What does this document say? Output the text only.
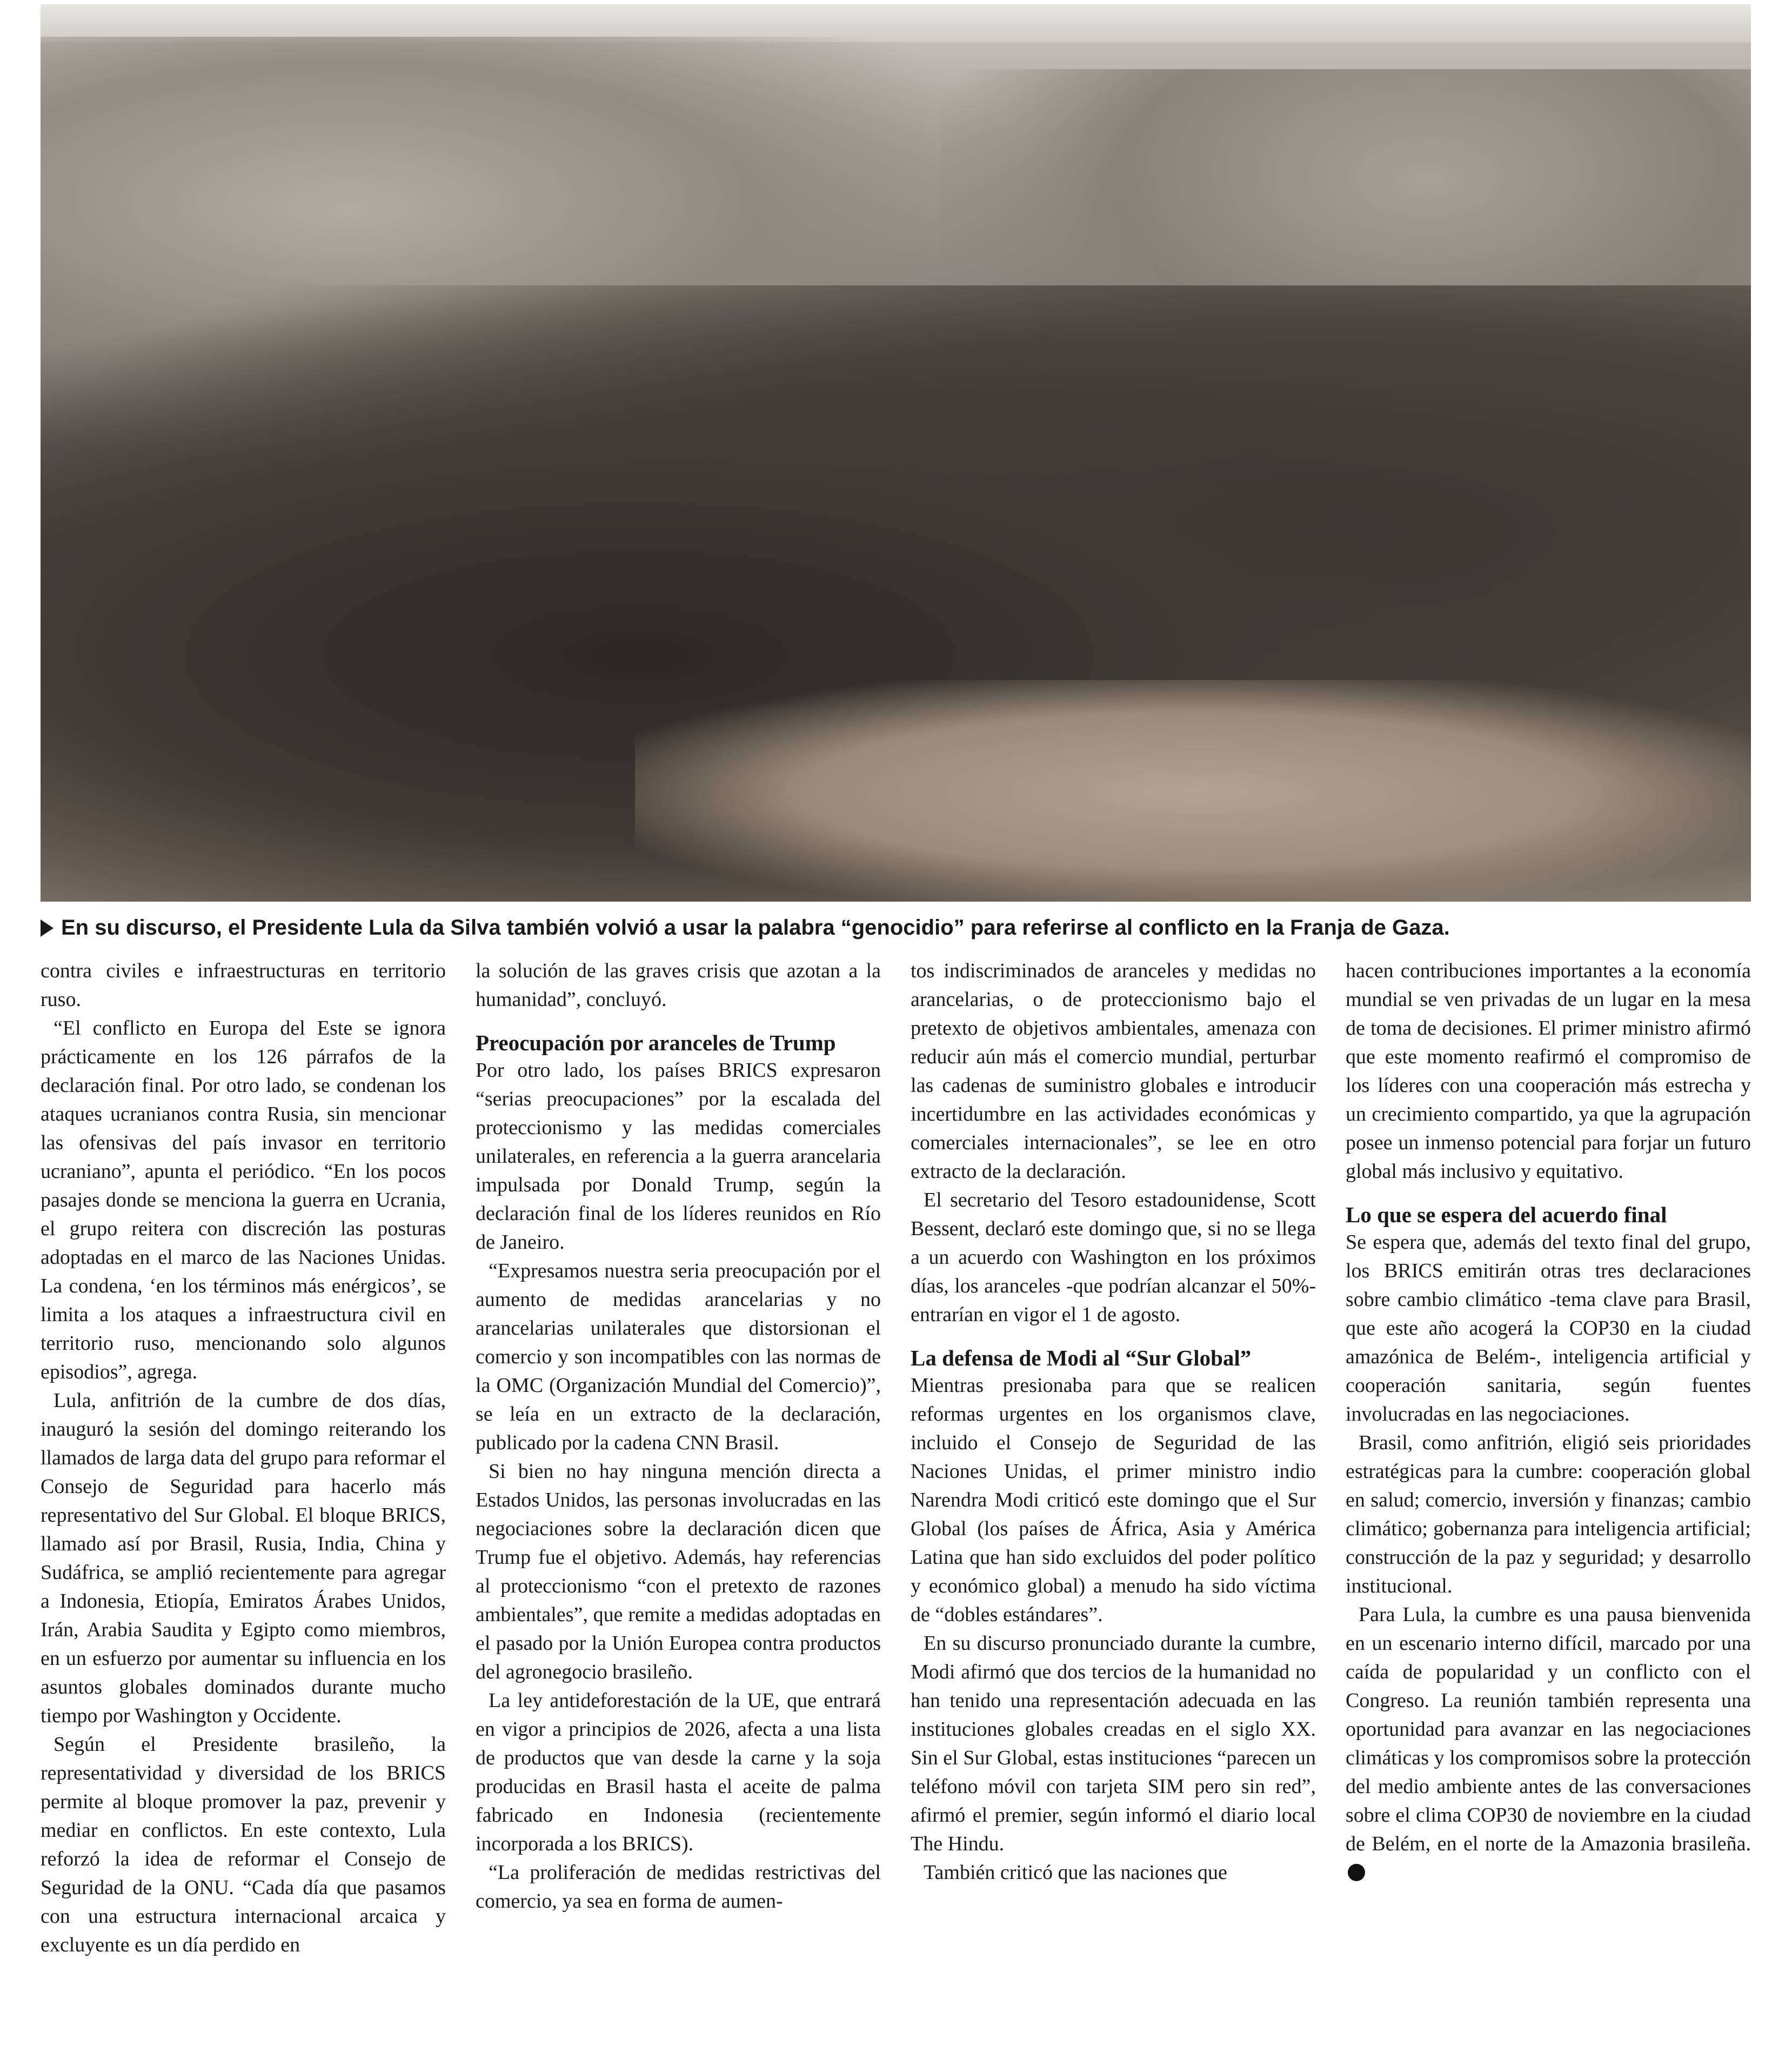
En su discurso, el Presidente Lula da Silva también volvió a usar la palabra “genocidio” para referirse al conflicto en la Franja de Gaza.

contra civiles e infraestructuras en territorio ruso.

“El conflicto en Europa del Este se ignora prácticamente en los 126 párrafos de la declaración final. Por otro lado, se condenan los ataques ucranianos contra Rusia, sin mencionar las ofensivas del país invasor en territorio ucraniano”, apunta el periódico. “En los pocos pasajes donde se menciona la guerra en Ucrania, el grupo reitera con discreción las posturas adoptadas en el marco de las Naciones Unidas. La condena, ‘en los términos más enérgicos’, se limita a los ataques a infraestructura civil en territorio ruso, mencionando solo algunos episodios”, agrega.

Lula, anfitrión de la cumbre de dos días, inauguró la sesión del domingo reiterando los llamados de larga data del grupo para reformar el Consejo de Seguridad para hacerlo más representativo del Sur Global. El bloque BRICS, llamado así por Brasil, Rusia, India, China y Sudáfrica, se amplió recientemente para agregar a Indonesia, Etiopía, Emiratos Árabes Unidos, Irán, Arabia Saudita y Egipto como miembros, en un esfuerzo por aumentar su influencia en los asuntos globales dominados durante mucho tiempo por Washington y Occidente.

Según el Presidente brasileño, la representatividad y diversidad de los BRICS permite al bloque promover la paz, prevenir y mediar en conflictos. En este contexto, Lula reforzó la idea de reformar el Consejo de Seguridad de la ONU. “Cada día que pasamos con una estructura internacional arcaica y excluyente es un día perdido en

la solución de las graves crisis que azotan a la humanidad”, concluyó.

Preocupación por aranceles de Trump

Por otro lado, los países BRICS expresaron “serias preocupaciones” por la escalada del proteccionismo y las medidas comerciales unilaterales, en referencia a la guerra arancelaria impulsada por Donald Trump, según la declaración final de los líderes reunidos en Río de Janeiro.

“Expresamos nuestra seria preocupación por el aumento de medidas arancelarias y no arancelarias unilaterales que distorsionan el comercio y son incompatibles con las normas de la OMC (Organización Mundial del Comercio)”, se leía en un extracto de la declaración, publicado por la cadena CNN Brasil.

Si bien no hay ninguna mención directa a Estados Unidos, las personas involucradas en las negociaciones sobre la declaración dicen que Trump fue el objetivo. Además, hay referencias al proteccionismo “con el pretexto de razones ambientales”, que remite a medidas adoptadas en el pasado por la Unión Europea contra productos del agronegocio brasileño.

La ley antideforestación de la UE, que entrará en vigor a principios de 2026, afecta a una lista de productos que van desde la carne y la soja producidas en Brasil hasta el aceite de palma fabricado en Indonesia (recientemente incorporada a los BRICS).

“La proliferación de medidas restrictivas del comercio, ya sea en forma de aumen-

tos indiscriminados de aranceles y medidas no arancelarias, o de proteccionismo bajo el pretexto de objetivos ambientales, amenaza con reducir aún más el comercio mundial, perturbar las cadenas de suministro globales e introducir incertidumbre en las actividades económicas y comerciales internacionales”, se lee en otro extracto de la declaración.

El secretario del Tesoro estadounidense, Scott Bessent, declaró este domingo que, si no se llega a un acuerdo con Washington en los próximos días, los aranceles -que podrían alcanzar el 50%- entrarían en vigor el 1 de agosto.

La defensa de Modi al “Sur Global”

Mientras presionaba para que se realicen reformas urgentes en los organismos clave, incluido el Consejo de Seguridad de las Naciones Unidas, el primer ministro indio Narendra Modi criticó este domingo que el Sur Global (los países de África, Asia y América Latina que han sido excluidos del poder político y económico global) a menudo ha sido víctima de “dobles estándares”.

En su discurso pronunciado durante la cumbre, Modi afirmó que dos tercios de la humanidad no han tenido una representación adecuada en las instituciones globales creadas en el siglo XX. Sin el Sur Global, estas instituciones “parecen un teléfono móvil con tarjeta SIM pero sin red”, afirmó el premier, según informó el diario local The Hindu.

También criticó que las naciones que

hacen contribuciones importantes a la economía mundial se ven privadas de un lugar en la mesa de toma de decisiones. El primer ministro afirmó que este momento reafirmó el compromiso de los líderes con una cooperación más estrecha y un crecimiento compartido, ya que la agrupación posee un inmenso potencial para forjar un futuro global más inclusivo y equitativo.

Lo que se espera del acuerdo final

Se espera que, además del texto final del grupo, los BRICS emitirán otras tres declaraciones sobre cambio climático -tema clave para Brasil, que este año acogerá la COP30 en la ciudad amazónica de Belém-, inteligencia artificial y cooperación sanitaria, según fuentes involucradas en las negociaciones.

Brasil, como anfitrión, eligió seis prioridades estratégicas para la cumbre: cooperación global en salud; comercio, inversión y finanzas; cambio climático; gobernanza para inteligencia artificial; construcción de la paz y seguridad; y desarrollo institucional.

Para Lula, la cumbre es una pausa bienvenida en un escenario interno difícil, marcado por una caída de popularidad y un conflicto con el Congreso. La reunión también representa una oportunidad para avanzar en las negociaciones climáticas y los compromisos sobre la protección del medio ambiente antes de las conversaciones sobre el clima COP30 de noviembre en la ciudad de Belém, en el norte de la Amazonia brasileña.
